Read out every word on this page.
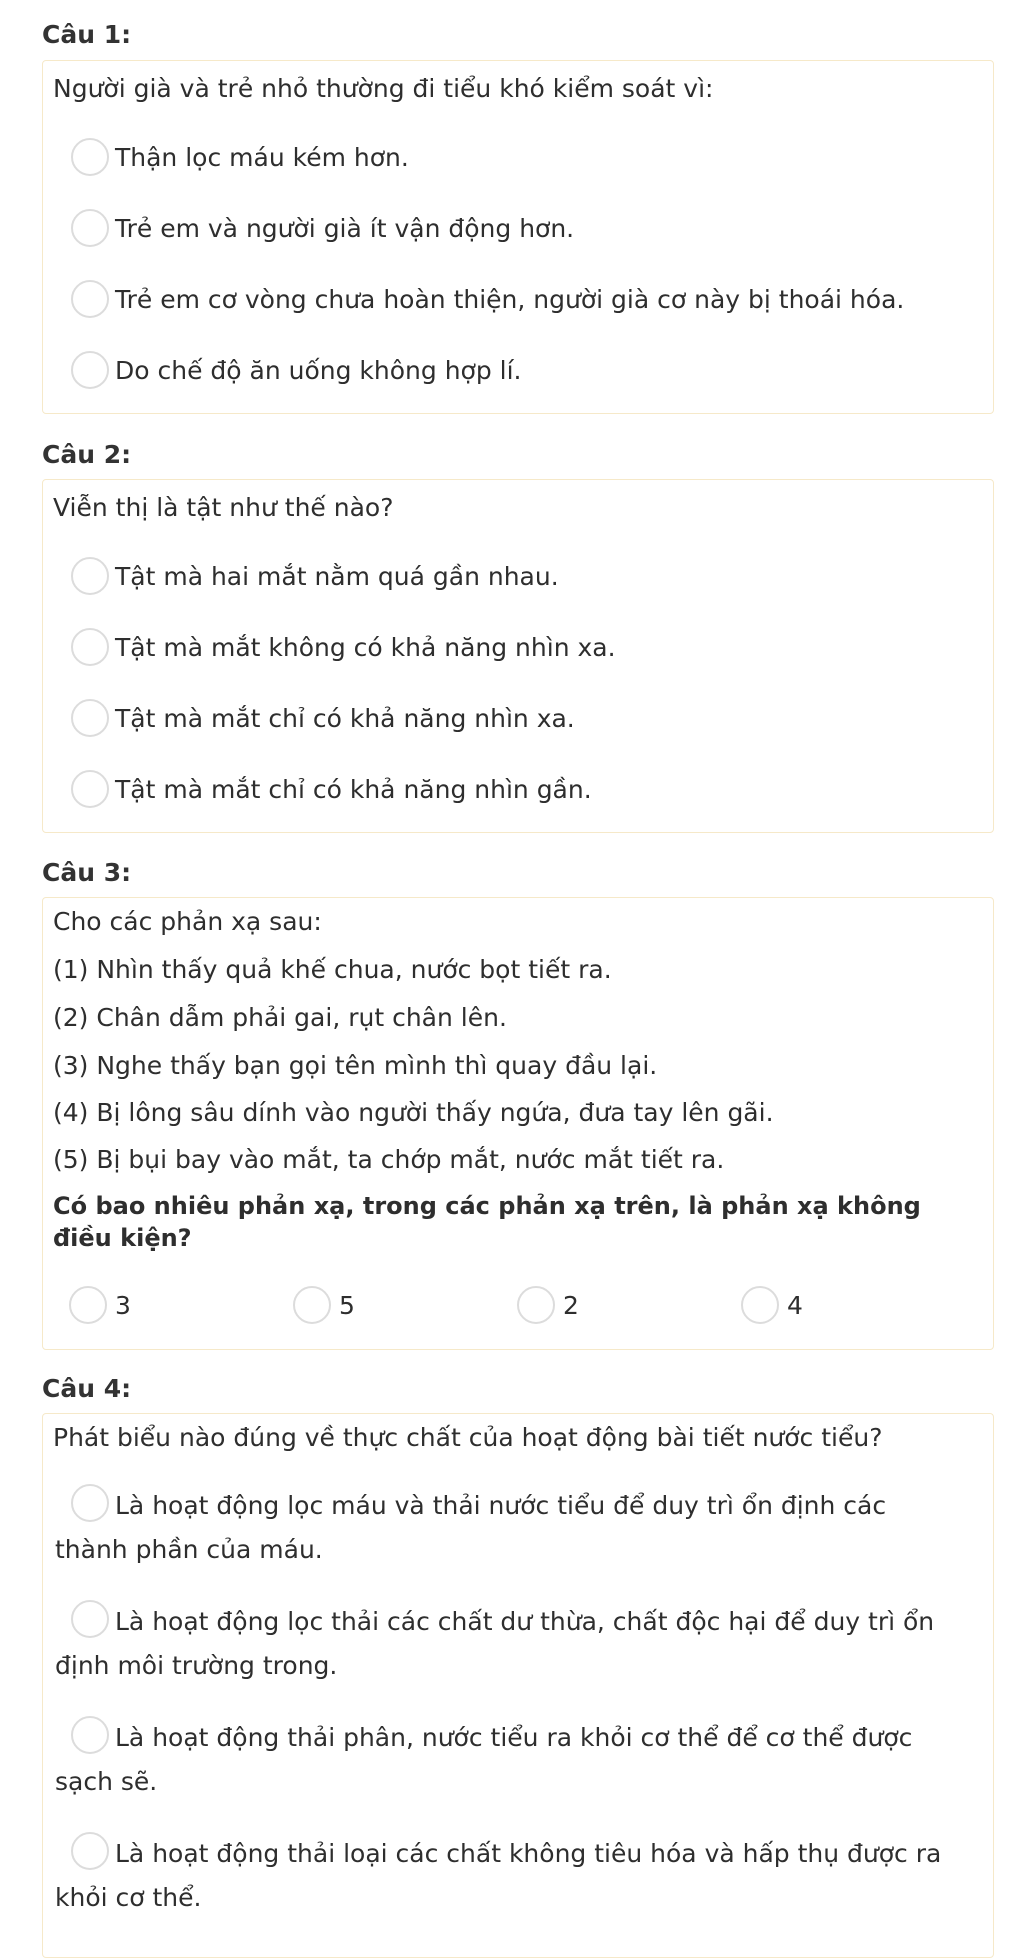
Câu 1:
Người già và trẻ nhỏ thường đi tiểu khó kiểm soát vì:
Thận lọc máu kém hơn.
Trẻ em và người già ít vận động hơn.
Trẻ em cơ vòng chưa hoàn thiện, người già cơ này bị thoái hóa.
Do chế độ ăn uống không hợp lí.
Câu 2:
Viễn thị là tật như thế nào?
Tật mà hai mắt nằm quá gần nhau.
Tật mà mắt không có khả năng nhìn xa.
Tật mà mắt chỉ có khả năng nhìn xa.
Tật mà mắt chỉ có khả năng nhìn gần.
Câu 3:
Cho các phản xạ sau:
(1) Nhìn thấy quả khế chua, nước bọt tiết ra.
(2) Chân dẫm phải gai, rụt chân lên.
(3) Nghe thấy bạn gọi tên mình thì quay đầu lại.
(4) Bị lông sâu dính vào người thấy ngứa, đưa tay lên gãi.
(5) Bị bụi bay vào mắt, ta chớp mắt, nước mắt tiết ra.
Có bao nhiêu phản xạ, trong các phản xạ trên, là phản xạ không điều kiện?
3	5	2	4
Câu 4:
Phát biểu nào đúng về thực chất của hoạt động bài tiết nước tiểu?
Là hoạt động lọc máu và thải nước tiểu để duy trì ổn định các thành phần của máu.
Là hoạt động lọc thải các chất dư thừa, chất độc hại để duy trì ổn định môi trường trong.
Là hoạt động thải phân, nước tiểu ra khỏi cơ thể để cơ thể được sạch sẽ.
Là hoạt động thải loại các chất không tiêu hóa và hấp thụ được ra khỏi cơ thể.
